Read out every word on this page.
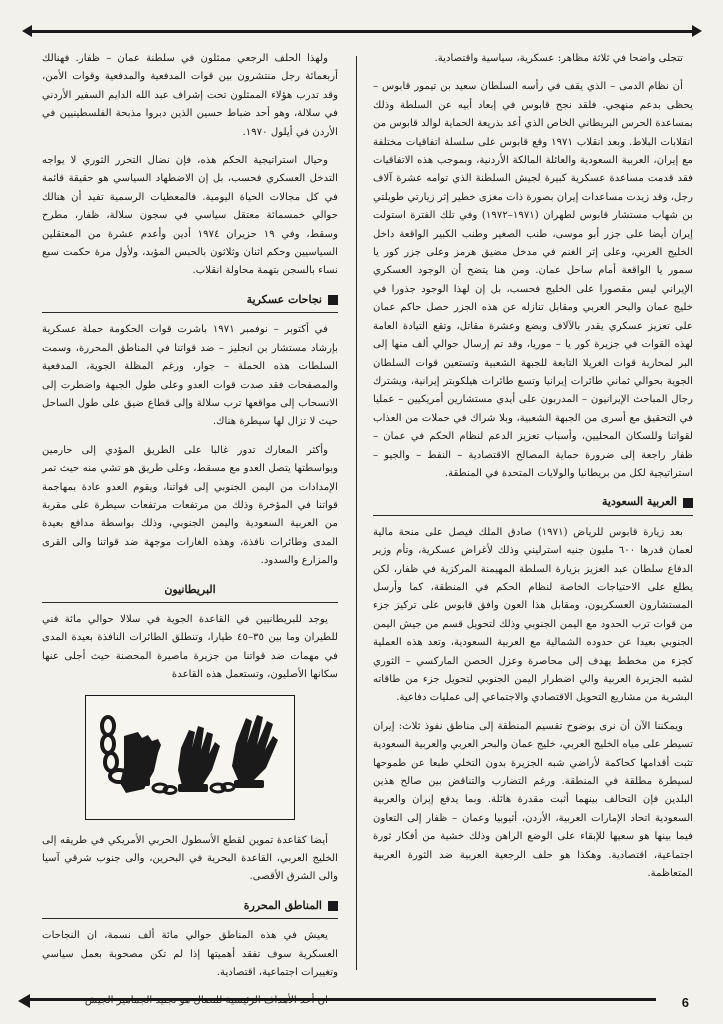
تتجلى واضحا في ثلاثة مظاهر: عسكرية، سياسية واقتصادية.
أن نظام الدمى – الذي يقف في رأسه السلطان سعيد بن تيمور قابوس – يحظى بدعم منهجي. فلقد نجح قابوس في إبعاد أبيه عن السلطة وذلك بمساعدة الحرس البريطاني الخاص الذي أعد بذريعة الحماية لوالد قابوس من انقلابات البلاط. وبعد انقلاب ١٩٧١ وقع قابوس على سلسلة اتفاقيات مختلفة مع إيران، العربية السعودية والعائلة المالكة الأردنية، وبموجب هذه الاتفاقيات فقد قدمت مساعدة عسكرية كبيرة لجيش السلطنة الذي توامه عشرة آلاف رجل، وقد زيدت مساعدات إيران بصورة ذات مغزى خطير إثر زيارتي طويلتي بن شهاب مستشار قابوس لطهران (١٩٧١–١٩٧٢) وفي تلك الفترة استولت إيران أيضا على جزر أبو موسى، طنب الصغير وطنب الكبير الواقعة داخل الخليج العربي، وعلى إثر الغنم في مدخل مضيق هرمز وعلى جزر كور يا سمور يا الواقعة أمام ساحل عمان. ومن هنا يتضح أن الوجود العسكري الإيراني ليس مقصورا على الخليج فحسب، بل إن لهذا الوجود جذورا في خليج عمان والبحر العربي ومقابل تنازله عن هذه الجزر حصل حاكم عمان على تعزيز عسكري يقدر بالآلاف وبضع وعشرة مقاتل، وتقع التيادة العامة لهذه القوات في جزيرة كور يا – موريا، وقد تم إرسال حوالي ألف منها إلى البر لمحاربة قوات الغريلا التابعة للجبهة الشعبية وتستعين قوات السلطان الجوية بحوالي ثماني طائرات إيرانيا وتسع طائرات هيلكوبتر إيرانية، ويشترك رجال المباحث الإيرانيون – المدربون على أيدي مستشارين أمريكيين – عمليا في التحقيق مع أسرى من الجبهة الشعبية، وبلا شراك في حملات من العذاب لقواتنا وللسكان المحليين، وأسباب تعزيز الدعم لنظام الحكم في عمان – ظفار راجعة إلى ضرورة حماية المصالح الاقتصادية – النفط – والجيو – استراتيجية لكل من بريطانيا والولايات المتحدة في المنطقة.
العربية السعودية
بعد زيارة قابوس للرياض (١٩٧١) صادق الملك فيصل على منحة مالية لعمان قدرها ٦٠٠ مليون جنيه استرليني وذلك لأغراض عسكرية، وتأم وزير الدفاع سلطان عبد العزيز بزيارة السلطة المهيمنة المركزية في ظفار، لكن يطلع على الاحتياجات الخاصة لنظام الحكم في المنطقة، كما وأرسل المستشارون العسكريون، ومقابل هذا العون وافق قابوس على تركيز جزء من قوات ترب الحدود مع اليمن الجنوبي وذلك لتحويل قسم من جيش اليمن الجنوبي بعيدا عن حدوده الشمالية مع العربية السعودية، وتعد هذه العملية كجزء من مخطط يهدف إلى محاصرة وعزل الحصن الماركسي – الثوري لشبه الجزيرة العربية والي اضطرار اليمن الجنوبي لتحويل جزء من طاقاته البشرية من مشاريع التحويل الاقتصادي والاجتماعي إلى عمليات دفاعية.
ويمكننا الآن أن نرى بوضوح تقسيم المنطقة إلى مناطق نفوذ ثلاث: إيران تسيطر على مياه الخليج العربي، خليج عمان والبحر العربي والعربية السعودية تثبت أقدامها كحاكمة لأراضي شبه الجزيرة بدون التخلي طبعا عن طموحها لسيطرة مطلقة في المنطقة. ورغم التضارب والتناقض بين صالح هذين البلدين فإن التحالف بينهما أثبت مقدرة هائلة. وبما يدفع إيران والعربية السعودية اتحاد الإمارات العربية، الأردن، أثيوبيا وعمان – ظفار إلى التعاون فيما بينها هو سعيها للإبقاء على الوضع الراهن وذلك خشية من أفكار ثورة اجتماعية، اقتصادية. وهكذا هو حلف الرجعية العربية ضد الثورة العربية المتعاظمة.
ولهذا الحلف الرجعي ممثلون في سلطنة عمان – ظفار. فهنالك أربعمائة رجل منتشرون بين قوات المدفعية والمدفعية وقوات الأمن، وقد تدرب هؤلاء الممثلون تحت إشراف عبد الله الدايم السفير الأردني في سلالة، وهو أحد ضباط حسين الذين دبروا مذبحة الفلسطينيين في الأردن في أيلول ١٩٧٠.
وحيال استراتيجية الحكم هذه، فإن نضال التحرر الثوري لا يواجه التدخل العسكري فحسب، بل إن الاضطهاد السياسي هو حقيقة قائمة في كل مجالات الحياة اليومية. فالمعطيات الرسمية تفيد أن هنالك حوالي خمسمائة معتقل سياسي في سجون سلالة، ظفار، مطرح وسقط، وفي ١٩ حزيران ١٩٧٤ أدين وأعدم عشرة من المعتقلين السياسيين وحكم اثنان وثلاثون بالحبس المؤبد، ولأول مرة حكمت سبع نساء بالسجن بتهمة محاولة انقلاب.
نجاحات عسكرية
في أكتوبر – نوفمبر ١٩٧١ باشرت قوات الحكومة حملة عسكرية بإرشاد مستشار بن انجليز – ضد قواتنا في المناطق المحررة، وسمت السلطات هذه الحملة – جوار، ورغم المظلة الجوية، المدفعية والمصفحات فقد صدت قوات العدو وعلى طول الجبهة واضطرت إلى الانسحاب إلى مواقعها ترب سلالة وإلى قطاع ضيق على طول الساحل حيث لا تزال لها سيطرة هناك.
وأكثر المعارك تدور غالبا على الطريق المؤدي إلى حارمين وبواسطتها يتصل العدو مع مسقط، وعلى طريق هو تشي منه حيث تمر الإمدادات من اليمن الجنوبي إلى قواتنا، ويقوم العدو عادة بمهاجمة قواتنا في المؤخرة وذلك من مرتفعات مرتفعات سيطرة على مقربة من العربية السعودية واليمن الجنوبي، وذلك بواسطة مدافع بعيدة المدى وطائرات نافذة، وهذه الغارات موجهة ضد قواتنا والى القرى والمزارع والسدود.
البريطانيون
يوجد للبريطانيين في القاعدة الجوية في سلالا حوالي مائة فني للطيران وما بين ٣٥–٤٥ طيارا، وتنطلق الطائرات النافذة بعيدة المدى في مهمات ضد قواتنا من جزيرة ماصيرة المحصنة حيث أجلى عنها سكانها الأصليون، وتستعمل هذه القاعدة
أيضا كقاعدة تموين لقطع الأسطول الحربي الأمريكي في طريقه إلى الخليج العربي، القاعدة البحرية في البحرين، والى جنوب شرقي آسيا والى الشرق الأقصى.
المناطق المحررة
يعيش في هذه المناطق حوالي مائة ألف نسمة، ان النجاحات العسكرية سوف تفقد أهميتها إذا لم تكن مصحوبة بعمل سياسي وتغييرات اجتماعية، اقتصادية.
ان أحد الأهداف الرئيسية للنضال هو تجنيد الجماهير الجيش	6
